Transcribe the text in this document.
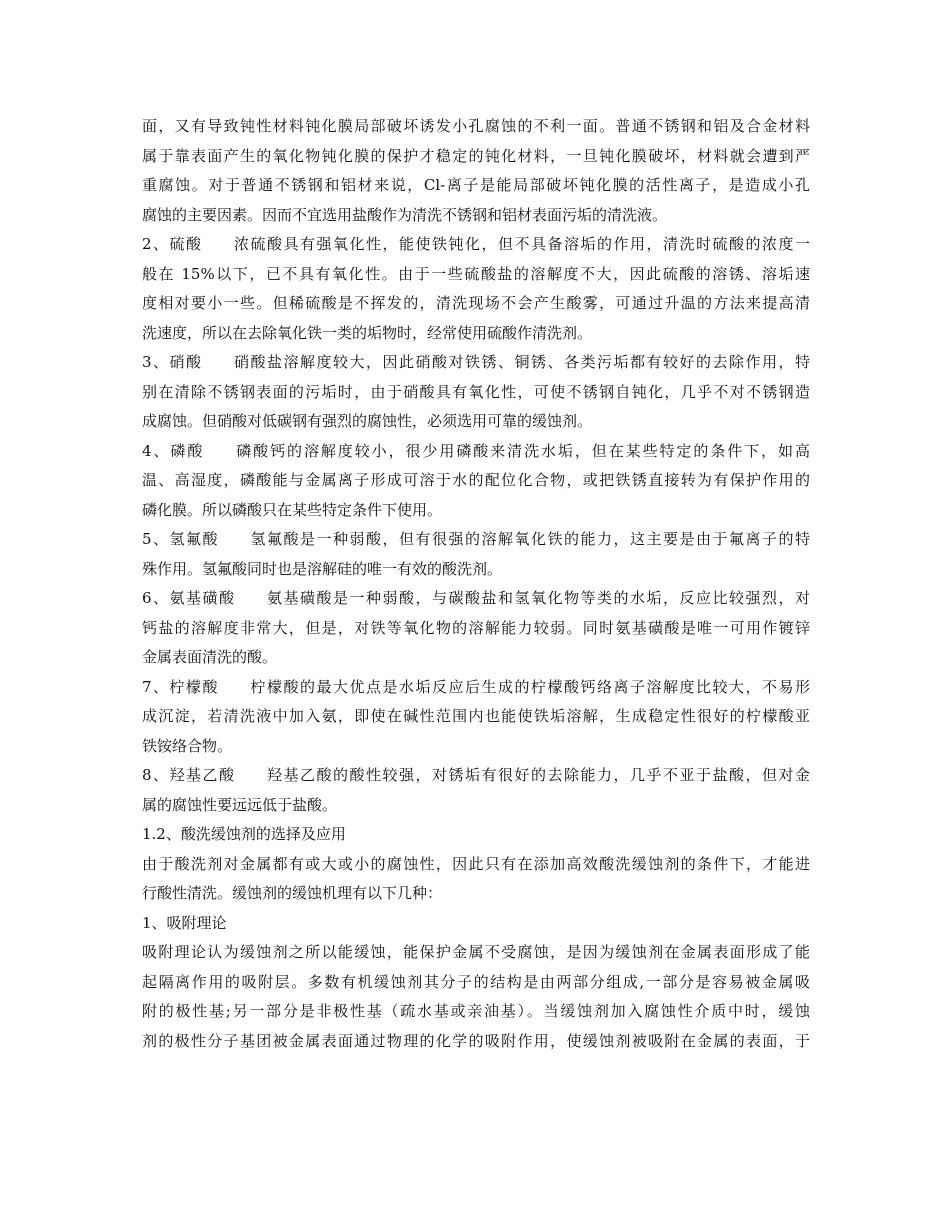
面，又有导致钝性材料钝化膜局部破坏诱发小孔腐蚀的不利一面。普通不锈钢和铝及合金材料
属于靠表面产生的氧化物钝化膜的保护才稳定的钝化材料，一旦钝化膜破坏，材料就会遭到严
重腐蚀。对于普通不锈钢和铝材来说，Cl-离子是能局部破坏钝化膜的活性离子，是造成小孔
腐蚀的主要因素。因而不宜选用盐酸作为清洗不锈钢和铝材表面污垢的清洗液。
2、硫酸 浓硫酸具有强氧化性，能使铁钝化，但不具备溶垢的作用，清洗时硫酸的浓度一
般在 15%以下，已不具有氧化性。由于一些硫酸盐的溶解度不大，因此硫酸的溶锈、溶垢速
度相对要小一些。但稀硫酸是不挥发的，清洗现场不会产生酸雾，可通过升温的方法来提高清
洗速度，所以在去除氧化铁一类的垢物时，经常使用硫酸作清洗剂。
3、硝酸 硝酸盐溶解度较大，因此硝酸对铁锈、铜锈、各类污垢都有较好的去除作用，特
别在清除不锈钢表面的污垢时，由于硝酸具有氧化性，可使不锈钢自钝化，几乎不对不锈钢造
成腐蚀。但硝酸对低碳钢有强烈的腐蚀性，必须选用可靠的缓蚀剂。
4、磷酸 磷酸钙的溶解度较小，很少用磷酸来清洗水垢，但在某些特定的条件下，如高
温、高湿度，磷酸能与金属离子形成可溶于水的配位化合物，或把铁锈直接转为有保护作用的
磷化膜。所以磷酸只在某些特定条件下使用。
5、氢氟酸 氢氟酸是一种弱酸，但有很强的溶解氧化铁的能力，这主要是由于氟离子的特
殊作用。氢氟酸同时也是溶解硅的唯一有效的酸洗剂。
6、氨基磺酸 氨基磺酸是一种弱酸，与碳酸盐和氢氧化物等类的水垢，反应比较强烈，对
钙盐的溶解度非常大，但是，对铁等氧化物的溶解能力较弱。同时氨基磺酸是唯一可用作镀锌
金属表面清洗的酸。
7、柠檬酸 柠檬酸的最大优点是水垢反应后生成的柠檬酸钙络离子溶解度比较大，不易形
成沉淀，若清洗液中加入氨，即使在碱性范围内也能使铁垢溶解，生成稳定性很好的柠檬酸亚
铁铵络合物。
8、羟基乙酸 羟基乙酸的酸性较强，对锈垢有很好的去除能力，几乎不亚于盐酸，但对金
属的腐蚀性要远远低于盐酸。
1.2、酸洗缓蚀剂的选择及应用
由于酸洗剂对金属都有或大或小的腐蚀性，因此只有在添加高效酸洗缓蚀剂的条件下，才能进
行酸性清洗。缓蚀剂的缓蚀机理有以下几种：
1、吸附理论
吸附理论认为缓蚀剂之所以能缓蚀，能保护金属不受腐蚀，是因为缓蚀剂在金属表面形成了能
起隔离作用的吸附层。多数有机缓蚀剂其分子的结构是由两部分组成,一部分是容易被金属吸
附的极性基;另一部分是非极性基（疏水基或亲油基）。当缓蚀剂加入腐蚀性介质中时，缓蚀
剂的极性分子基团被金属表面通过物理的化学的吸附作用，使缓蚀剂被吸附在金属的表面，于
